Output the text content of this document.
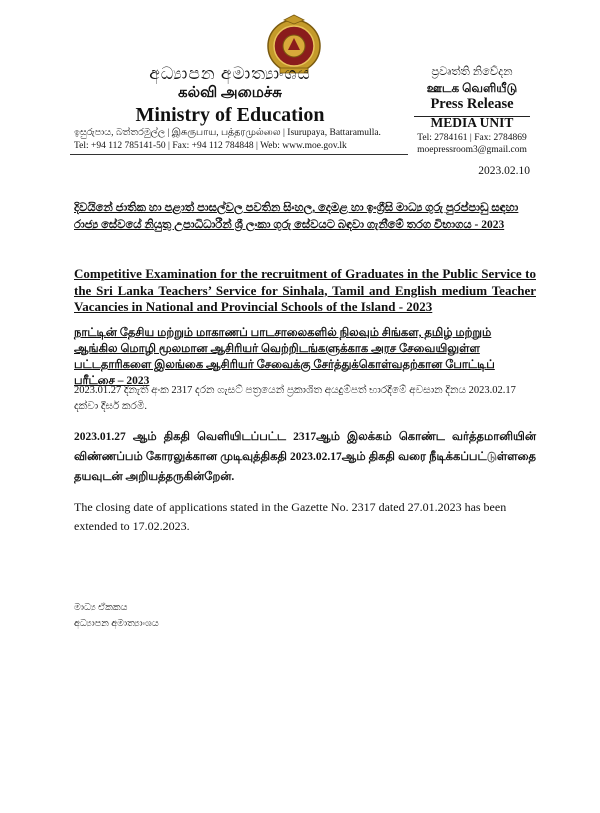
අධ්‍යාපන අමාත්‍යාංශය
கல்வி அமைச்சு
Ministry of Education
ඉසුරුපාය, බත්තරමුල්ල | இசுருபாய, பத்தரமுல்லை | Isurupaya, Battaramulla.
Tel: +94 112 785141-50 | Fax: +94 112 784848 | Web: www.moe.gov.lk
ප්‍රවෘත්ති නිවේදන
ஊடக வெளியீடு
Press Release
MEDIA UNIT
Tel: 2784161 | Fax: 2784869
moepressroom3@gmail.com
2023.02.10
දිවයිනේ ජාතික හා පළාත් පාසල්වල පවතින සිංහල, දෙමළ හා ඉංග්‍රීසි මාධ්‍ය ගුරු පුරප්පාඩු සඳහා රාජ්‍ය සේවයේ නියුතු උපාධිධාරීන් ශ්‍රී ලංකා ගුරු සේවයට බඳවා ගැනීමේ තරග විභාගය - 2023
Competitive Examination for the recruitment of Graduates in the Public Service to the Sri Lanka Teachers’ Service for Sinhala, Tamil and English medium Teacher Vacancies in National and Provincial Schools of the Island - 2023
நாட்டின் தேசிய மற்றும் மாகாணப் பாடசாலைகளில் நிலவும் சிங்கள, தமிழ் மற்றும் ஆங்கில மொழி மூலமான ஆசிரியர் வெற்றிடங்களுக்காக அரச சேவையிலுள்ள பட்டதாரிகளை இலங்கை ஆசிரியர் சேவைக்கு சேர்த்துக்கொள்வதற்கான போட்டிப் பரீட்சை – 2023
2023.01.27 දිනැති අංක 2317 දරන ගැසට් පත්‍රයෙන් ප්‍රකාශිත අයදුම්පත් භාරදීමේ අවසාන දිනය 2023.02.17 දක්වා දීර්ඝ කරමි.
2023.01.27 ஆம் திகதி வெளியிடப்பட்ட 2317ஆம் இலக்கம் கொண்ட வர்த்தமானியின் விண்ணப்பம் கோரலுக்கான முடிவுத்திகதி 2023.02.17ஆம் திகதி வரை நீடிக்கப்பட்டுள்ளதை தயவுடன் அறியத்தருகின்றேன்.
The closing date of applications stated in the Gazette No. 2317 dated 27.01.2023 has been extended to 17.02.2023.
මාධ්‍ය ඒකකය
අධ්‍යාපන අමාත්‍යාංශය
